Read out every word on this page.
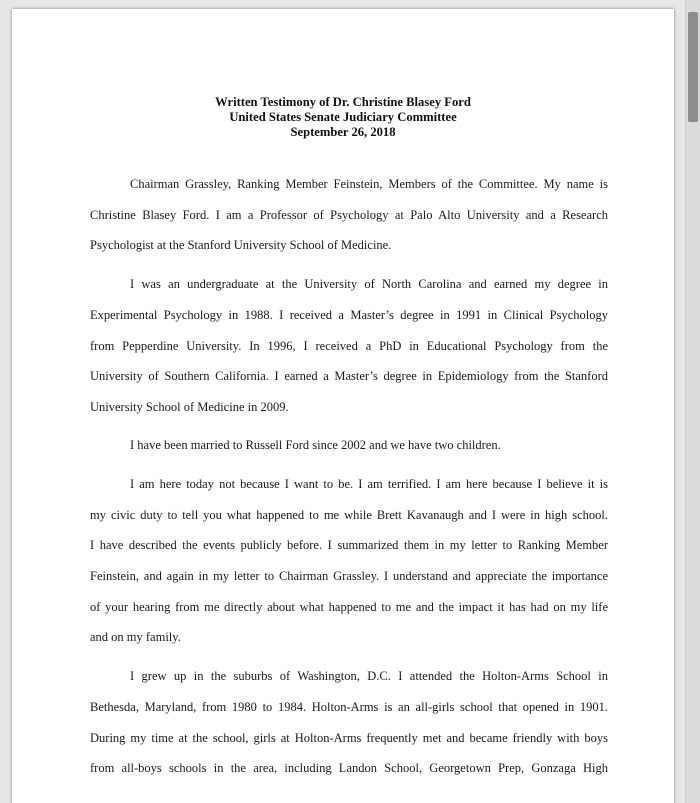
Written Testimony of Dr. Christine Blasey Ford
United States Senate Judiciary Committee
September 26, 2018
Chairman Grassley, Ranking Member Feinstein, Members of the Committee. My name is
Christine Blasey Ford. I am a Professor of Psychology at Palo Alto University and a Research
Psychologist at the Stanford University School of Medicine.
I was an undergraduate at the University of North Carolina and earned my degree in
Experimental Psychology in 1988. I received a Master’s degree in 1991 in Clinical Psychology
from Pepperdine University. In 1996, I received a PhD in Educational Psychology from the
University of Southern California. I earned a Master’s degree in Epidemiology from the Stanford
University School of Medicine in 2009.
I have been married to Russell Ford since 2002 and we have two children.
I am here today not because I want to be. I am terrified. I am here because I believe it is
my civic duty to tell you what happened to me while Brett Kavanaugh and I were in high school.
I have described the events publicly before. I summarized them in my letter to Ranking Member
Feinstein, and again in my letter to Chairman Grassley. I understand and appreciate the importance
of your hearing from me directly about what happened to me and the impact it has had on my life
and on my family.
I grew up in the suburbs of Washington, D.C. I attended the Holton-Arms School in
Bethesda, Maryland, from 1980 to 1984. Holton-Arms is an all-girls school that opened in 1901.
During my time at the school, girls at Holton-Arms frequently met and became friendly with boys
from all-boys schools in the area, including Landon School, Georgetown Prep, Gonzaga High
